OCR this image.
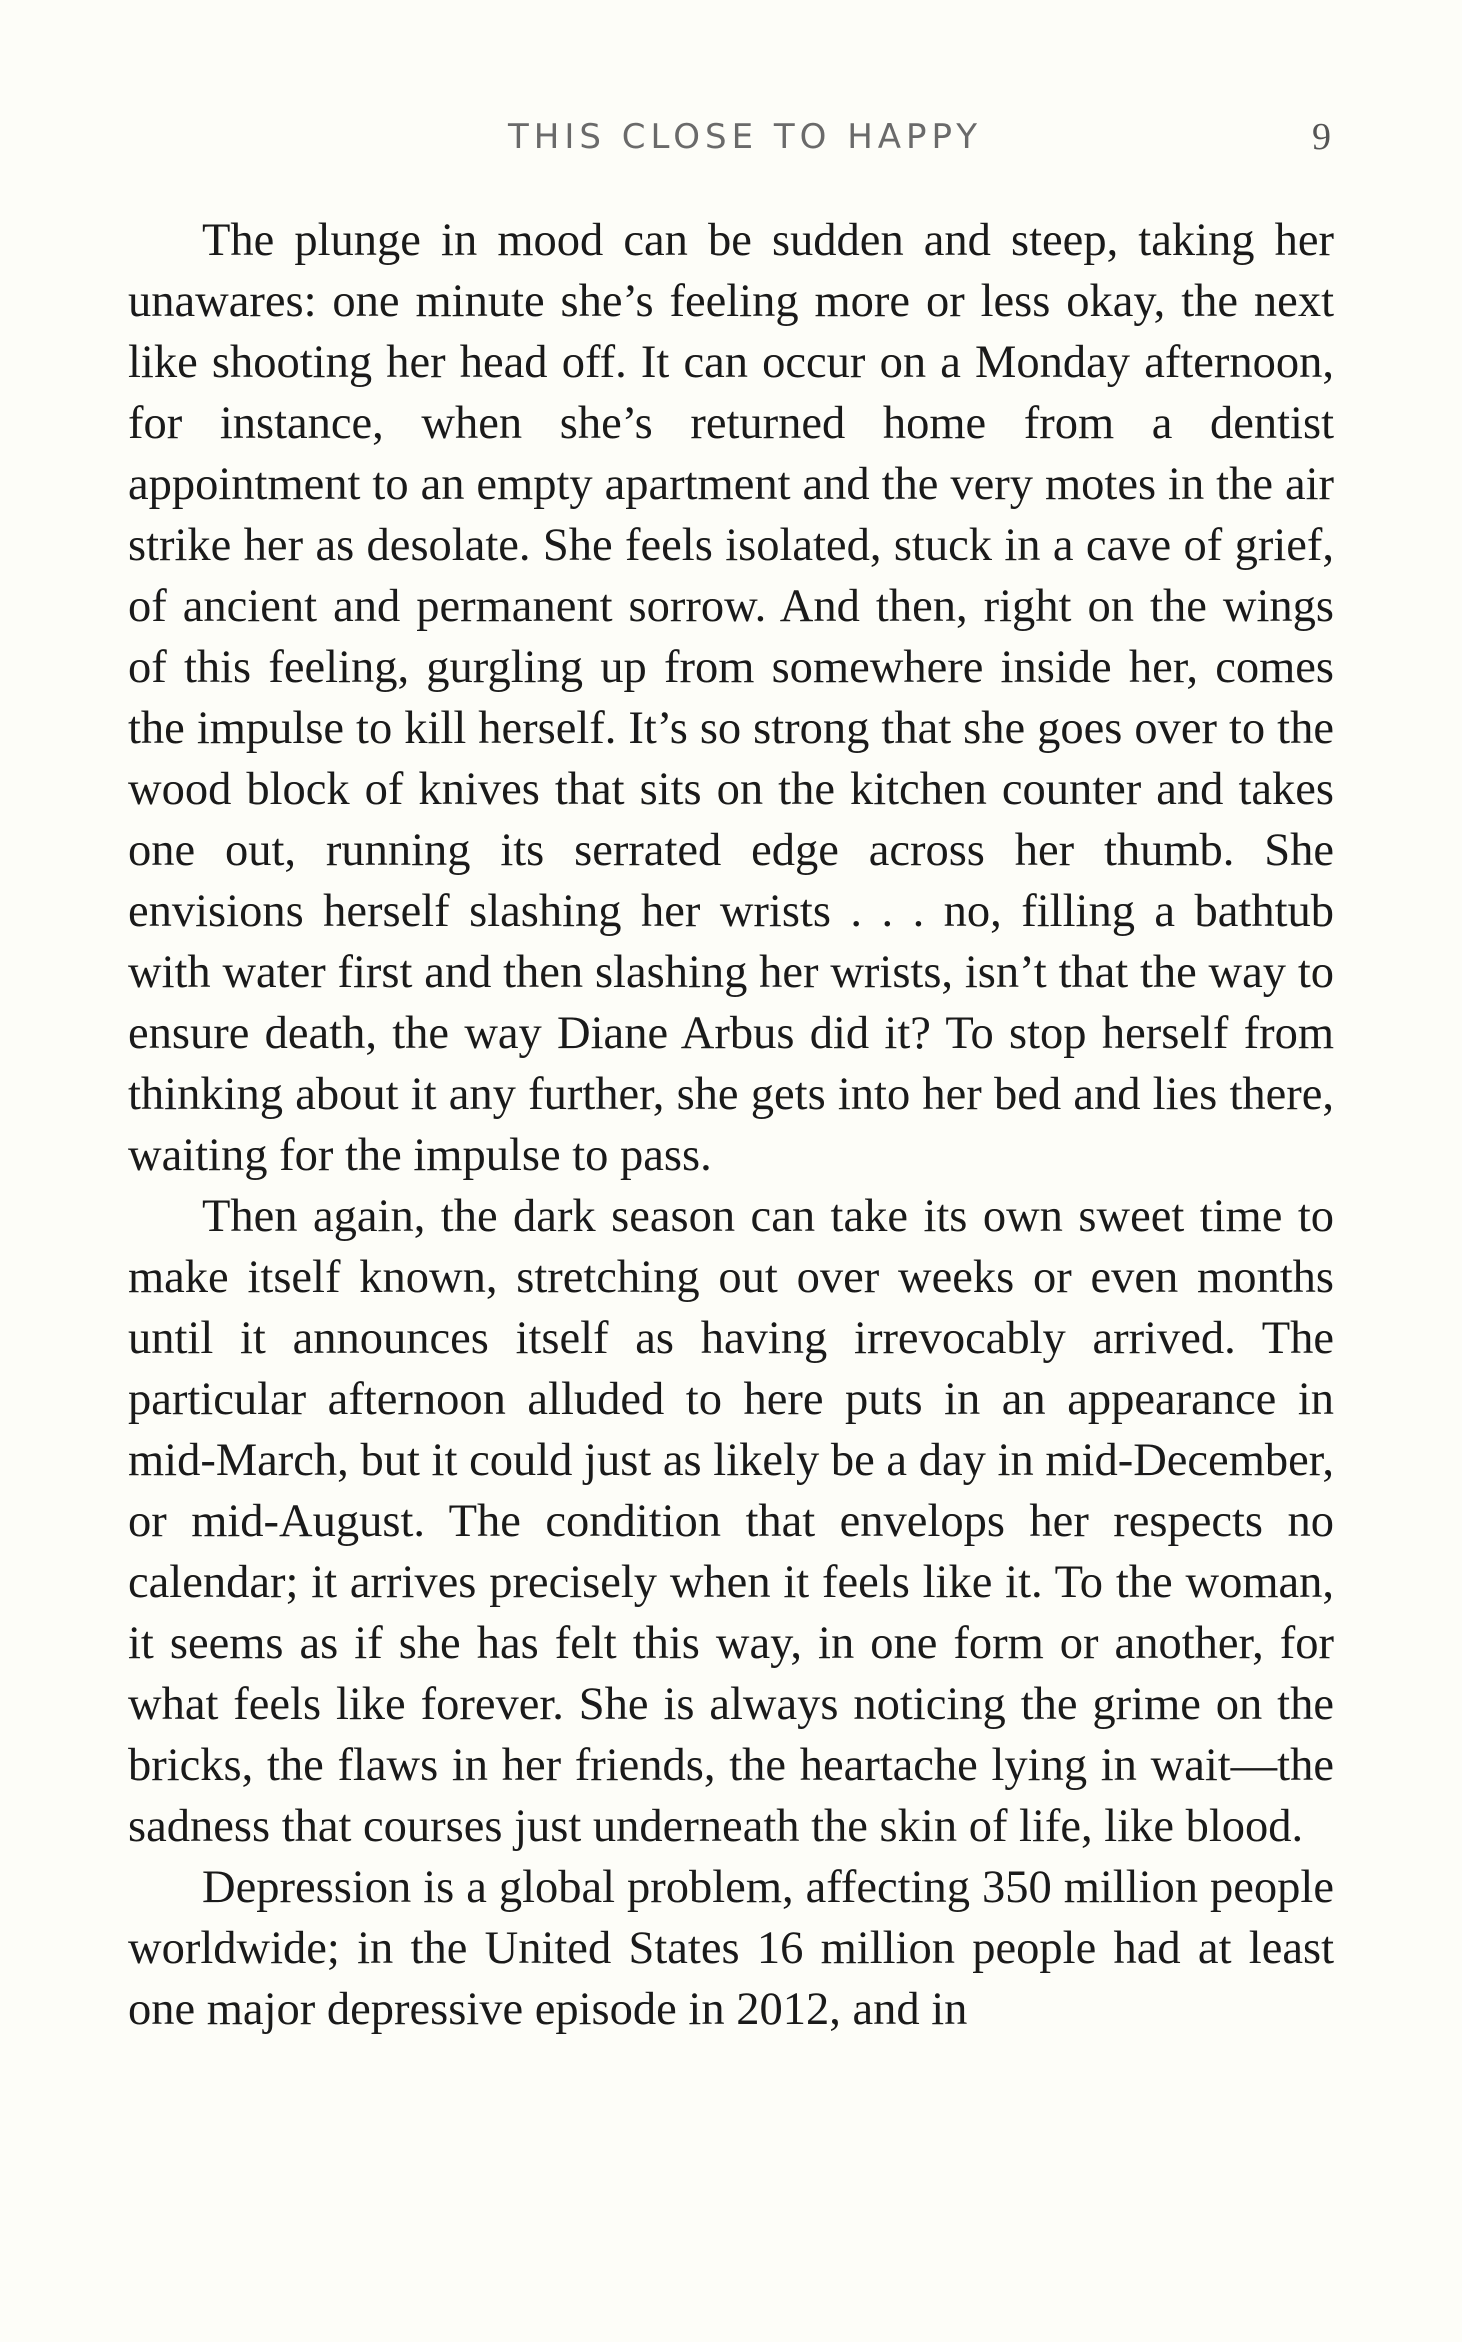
THIS CLOSE TO HAPPY	9

The plunge in mood can be sudden and steep, taking her unawares: one minute she’s feeling more or less okay, the next like shooting her head off. It can occur on a Monday afternoon, for instance, when she’s returned home from a dentist appointment to an empty apartment and the very motes in the air strike her as desolate. She feels isolated, stuck in a cave of grief, of ancient and permanent sorrow. And then, right on the wings of this feeling, gurgling up from somewhere inside her, comes the impulse to kill herself. It’s so strong that she goes over to the wood block of knives that sits on the kitchen counter and takes one out, running its serrated edge across her thumb. She envisions herself slashing her wrists . . . no, filling a bathtub with water first and then slashing her wrists, isn’t that the way to ensure death, the way Diane Arbus did it? To stop herself from thinking about it any further, she gets into her bed and lies there, waiting for the impulse to pass.

Then again, the dark season can take its own sweet time to make itself known, stretching out over weeks or even months until it announces itself as having irrevocably arrived. The particular afternoon alluded to here puts in an appearance in mid-March, but it could just as likely be a day in mid-December, or mid-August. The condition that envelops her respects no calendar; it arrives precisely when it feels like it. To the woman, it seems as if she has felt this way, in one form or another, for what feels like forever. She is always noticing the grime on the bricks, the flaws in her friends, the heartache lying in wait—the sadness that courses just underneath the skin of life, like blood.

Depression is a global problem, affecting 350 million people worldwide; in the United States 16 million people had at least one major depressive episode in 2012, and in
